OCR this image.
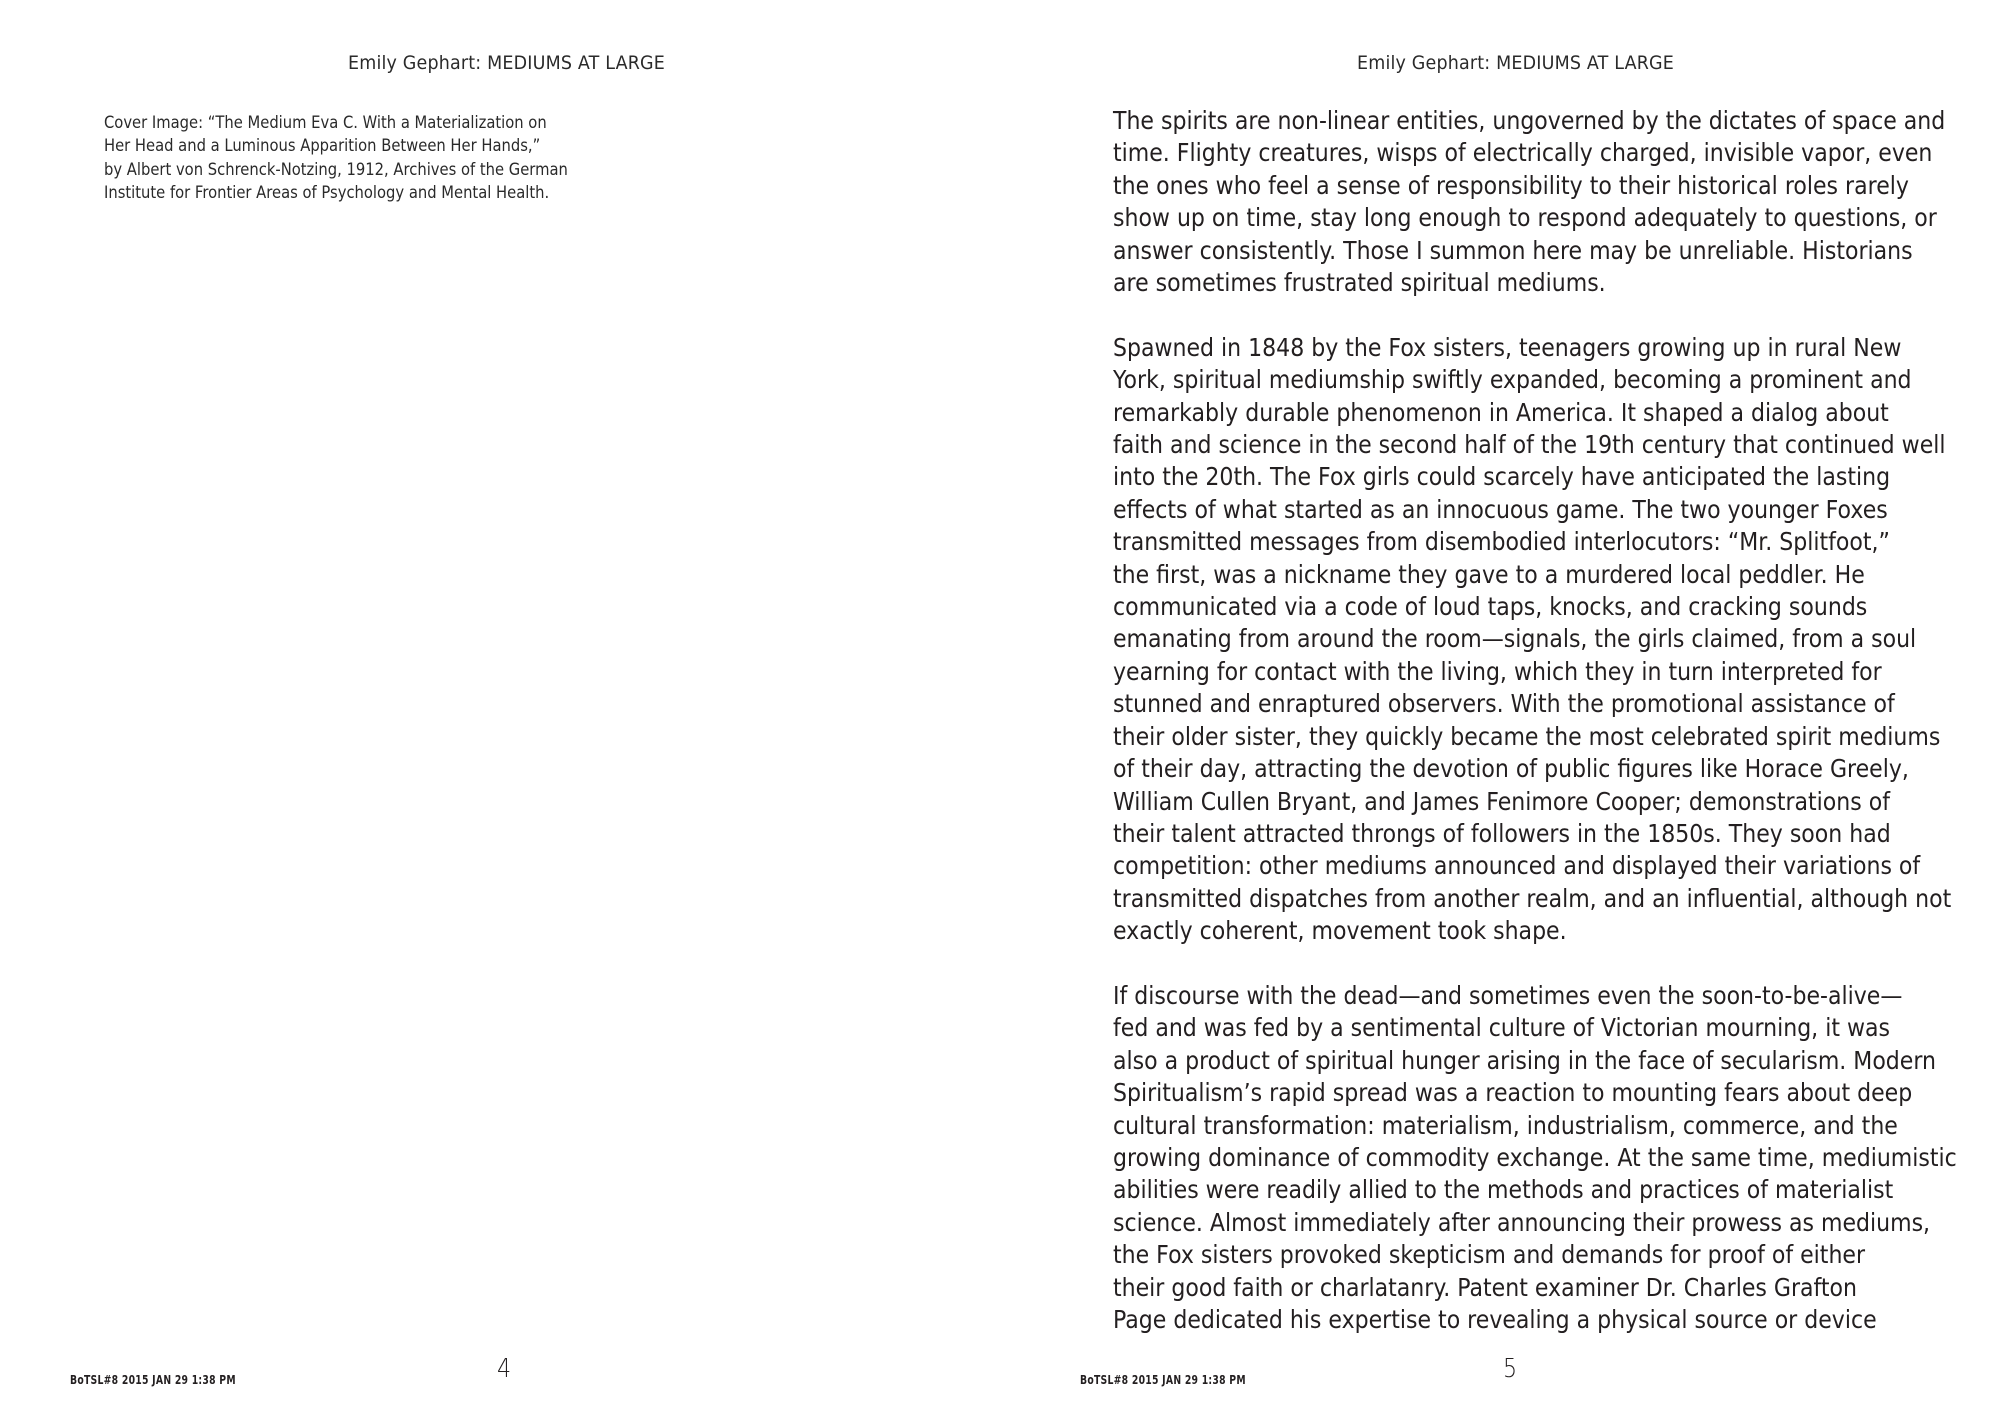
Emily Gephart: MEDIUMS AT LARGE
Cover Image: “The Medium Eva C. With a Materialization on
Her Head and a Luminous Apparition Between Her Hands,”
by Albert von Schrenck-Notzing, 1912, Archives of the German
Institute for Frontier Areas of Psychology and Mental Health.
4
BoTSL#8 2015 JAN 29 1:38 PM
Emily Gephart: MEDIUMS AT LARGE
The spirits are non-linear entities, ungoverned by the dictates of space and
time. Flighty creatures, wisps of electrically charged, invisible vapor, even
the ones who feel a sense of responsibility to their historical roles rarely
show up on time, stay long enough to respond adequately to questions, or
answer consistently. Those I summon here may be unreliable. Historians
are sometimes frustrated spiritual mediums.
Spawned in 1848 by the Fox sisters, teenagers growing up in rural New
York, spiritual mediumship swiftly expanded, becoming a prominent and
remarkably durable phenomenon in America. It shaped a dialog about
faith and science in the second half of the 19th century that continued well
into the 20th. The Fox girls could scarcely have anticipated the lasting
effects of what started as an innocuous game. The two younger Foxes
transmitted messages from disembodied interlocutors: “Mr. Splitfoot,”
the first, was a nickname they gave to a murdered local peddler. He
communicated via a code of loud taps, knocks, and cracking sounds
emanating from around the room—signals, the girls claimed, from a soul
yearning for contact with the living, which they in turn interpreted for
stunned and enraptured observers. With the promotional assistance of
their older sister, they quickly became the most celebrated spirit mediums
of their day, attracting the devotion of public figures like Horace Greely,
William Cullen Bryant, and James Fenimore Cooper; demonstrations of
their talent attracted throngs of followers in the 1850s. They soon had
competition: other mediums announced and displayed their variations of
transmitted dispatches from another realm, and an influential, although not
exactly coherent, movement took shape.
If discourse with the dead—and sometimes even the soon-to-be-alive—
fed and was fed by a sentimental culture of Victorian mourning, it was
also a product of spiritual hunger arising in the face of secularism. Modern
Spiritualism’s rapid spread was a reaction to mounting fears about deep
cultural transformation: materialism, industrialism, commerce, and the
growing dominance of commodity exchange. At the same time, mediumistic
abilities were readily allied to the methods and practices of materialist
science. Almost immediately after announcing their prowess as mediums,
the Fox sisters provoked skepticism and demands for proof of either
their good faith or charlatanry. Patent examiner Dr. Charles Grafton
Page dedicated his expertise to revealing a physical source or device
5
BoTSL#8 2015 JAN 29 1:38 PM
